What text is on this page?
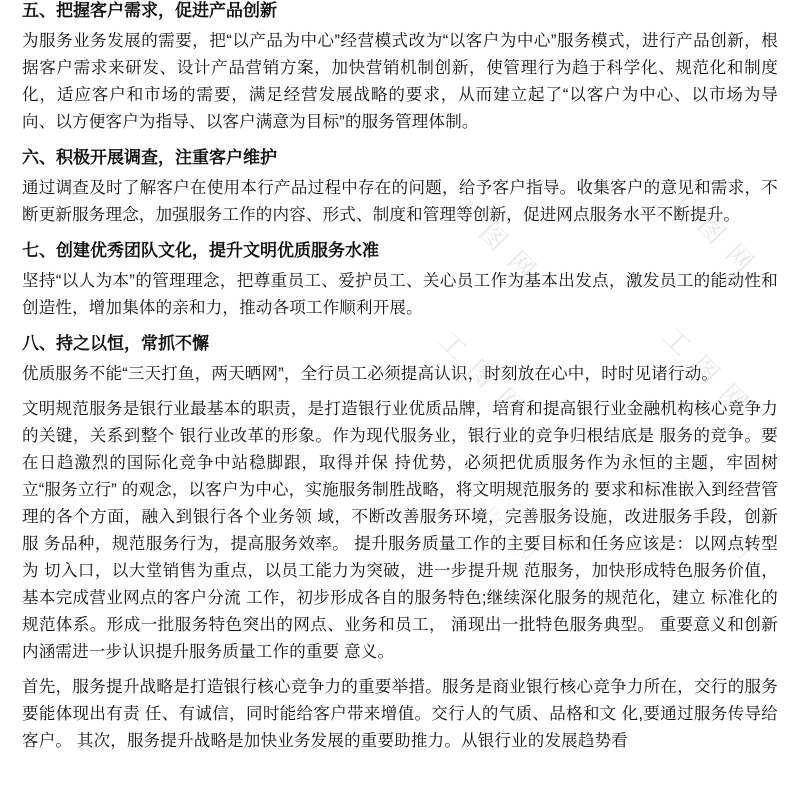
工图网	工图网
工图网	工图网
工图网	工图网
五、把握客户需求，促进产品创新

为服务业务发展的需要，把“以产品为中心”经营模式改为“以客户为中心”服务模式，进行产品创新，根据客户需求来研发、设计产品营销方案，加快营销机制创新，使管理行为趋于科学化、规范化和制度化，适应客户和市场的需要，满足经营发展战略的要求，从而建立起了“以客户为中心、以市场为导向、以方便客户为指导、以客户满意为目标”的服务管理体制。

六、积极开展调查，注重客户维护

通过调查及时了解客户在使用本行产品过程中存在的问题，给予客户指导。收集客户的意见和需求，不断更新服务理念，加强服务工作的内容、形式、制度和管理等创新，促进网点服务水平不断提升。

七、创建优秀团队文化，提升文明优质服务水准

坚持“以人为本”的管理理念，把尊重员工、爱护员工、关心员工作为基本出发点，激发员工的能动性和创造性，增加集体的亲和力，推动各项工作顺利开展。

八、持之以恒，常抓不懈

优质服务不能“三天打鱼，两天晒网”，全行员工必须提高认识，时刻放在心中，时时见诸行动。

文明规范服务是银行业最基本的职责，是打造银行业优质品牌，培育和提高银行业金融机构核心竞争力的关键，关系到整个 银行业改革的形象。作为现代服务业，银行业的竞争归根结底是 服务的竞争。要在日趋激烈的国际化竞争中站稳脚跟，取得并保 持优势，必须把优质服务作为永恒的主题，牢固树立“服务立行” 的观念，以客户为中心，实施服务制胜战略，将文明规范服务的 要求和标准嵌入到经营管理的各个方面，融入到银行各个业务领 域，不断改善服务环境，完善服务设施，改进服务手段，创新服 务品种，规范服务行为，提高服务效率。 提升服务质量工作的主要目标和任务应该是：以网点转型为 切入口，以大堂销售为重点，以员工能力为突破，进一步提升规 范服务，加快形成特色服务价值，基本完成营业网点的客户分流 工作，初步形成各自的服务特色;继续深化服务的规范化，建立 标准化的规范体系。形成一批服务特色突出的网点、业务和员工， 涌现出一批特色服务典型。 重要意义和创新内涵需进一步认识提升服务质量工作的重要 意义。

首先，服务提升战略是打造银行核心竞争力的重要举措。服务是商业银行核心竞争力所在，交行的服务要能体现出有责 任、有诚信，同时能给客户带来增值。交行人的气质、品格和文 化,要通过服务传导给客户。 其次，服务提升战略是加快业务发展的重要助推力。从银行业的发展趋势看
